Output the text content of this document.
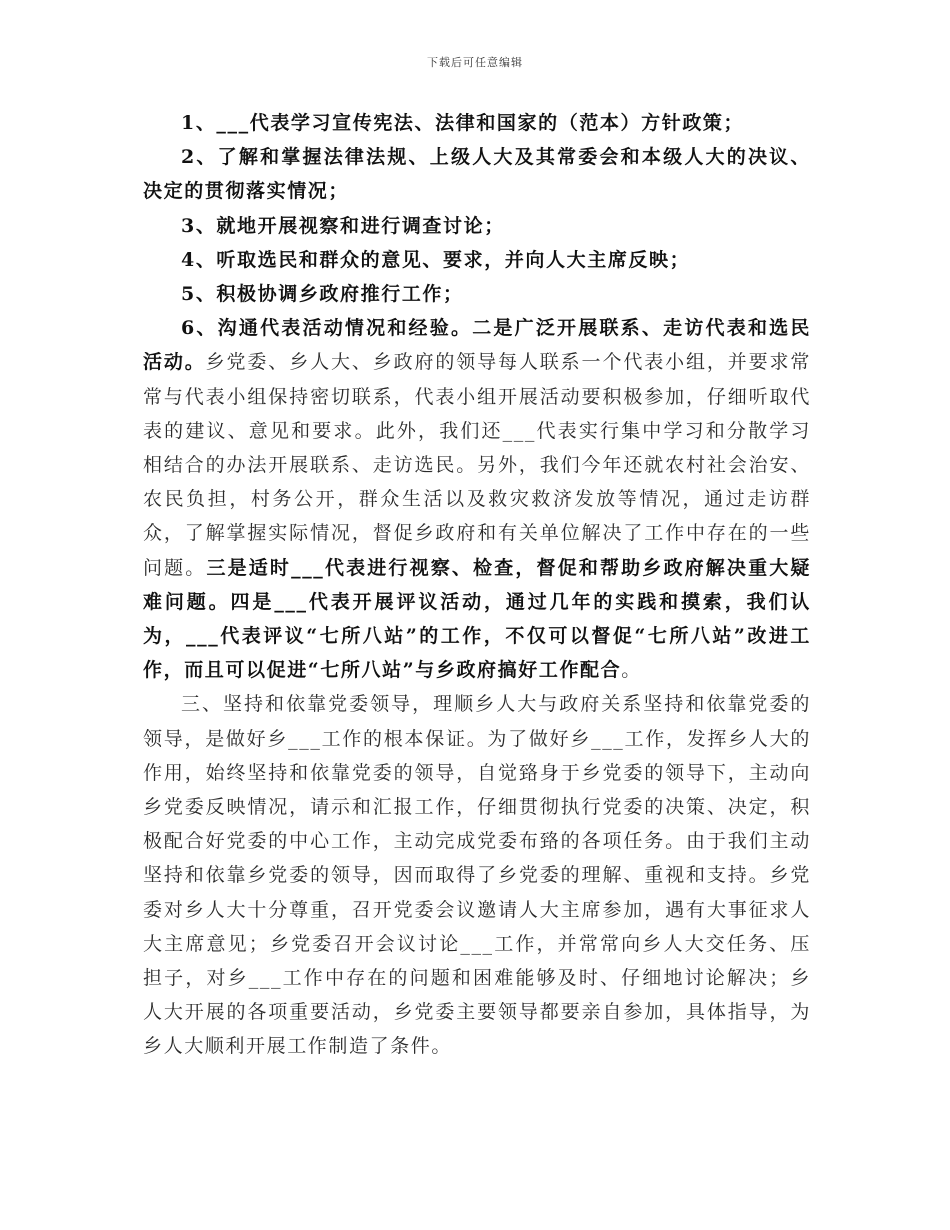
下载后可任意编辑

1、___代表学习宣传宪法、法律和国家的（范本）方针政策；

2、了解和掌握法律法规、上级人大及其常委会和本级人大的决议、决定的贯彻落实情况；

3、就地开展视察和进行调查讨论；

4、听取选民和群众的意见、要求，并向人大主席反映；

5、积极协调乡政府推行工作；

6、沟通代表活动情况和经验。二是广泛开展联系、走访代表和选民活动。乡党委、乡人大、乡政府的领导每人联系一个代表小组，并要求常常与代表小组保持密切联系，代表小组开展活动要积极参加，仔细听取代表的建议、意见和要求。此外，我们还___代表实行集中学习和分散学习相结合的办法开展联系、走访选民。另外，我们今年还就农村社会治安、农民负担，村务公开，群众生活以及救灾救济发放等情况，通过走访群众，了解掌握实际情况，督促乡政府和有关单位解决了工作中存在的一些问题。三是适时___代表进行视察、检查，督促和帮助乡政府解决重大疑难问题。四是___代表开展评议活动，通过几年的实践和摸索，我们认为，___代表评议“七所八站”的工作，不仅可以督促“七所八站”改进工作，而且可以促进“七所八站”与乡政府搞好工作配合。

三、坚持和依靠党委领导，理顺乡人大与政府关系坚持和依靠党委的领导，是做好乡___工作的根本保证。为了做好乡___工作，发挥乡人大的作用，始终坚持和依靠党委的领导，自觉臵身于乡党委的领导下，主动向乡党委反映情况，请示和汇报工作，仔细贯彻执行党委的决策、决定，积极配合好党委的中心工作，主动完成党委布臵的各项任务。由于我们主动坚持和依靠乡党委的领导，因而取得了乡党委的理解、重视和支持。乡党委对乡人大十分尊重，召开党委会议邀请人大主席参加，遇有大事征求人大主席意见；乡党委召开会议讨论___工作，并常常向乡人大交任务、压担子，对乡___工作中存在的问题和困难能够及时、仔细地讨论解决；乡人大开展的各项重要活动，乡党委主要领导都要亲自参加，具体指导，为乡人大顺利开展工作制造了条件。
